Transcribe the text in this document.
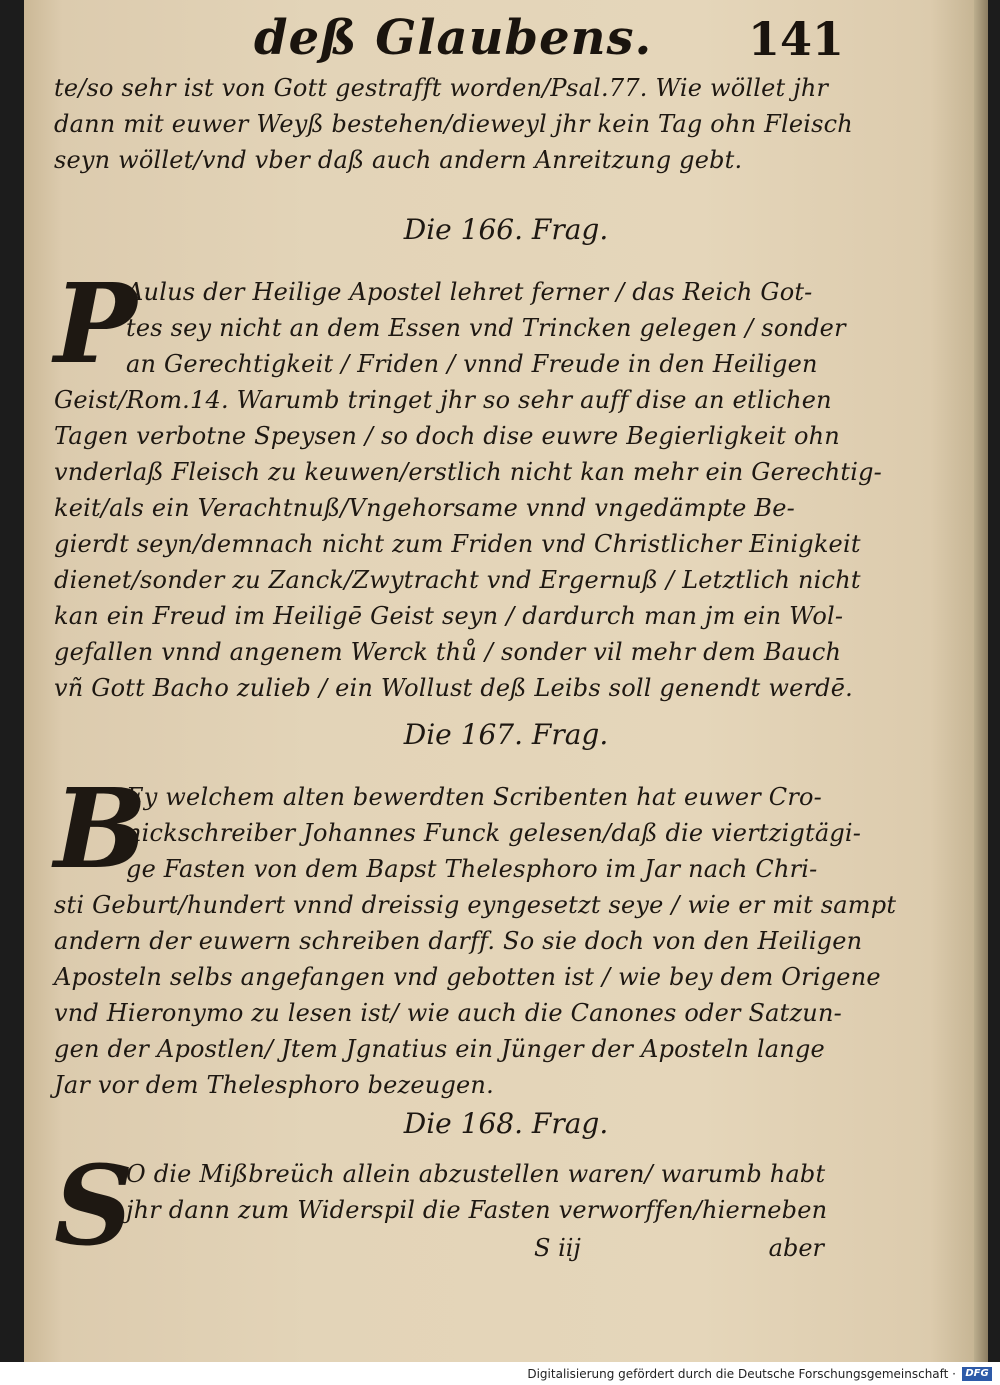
deß Glaubens. 141
te/so sehr ist von Gott gestrafft worden/Psal.77. Wie wöllet jhr
dann mit euwer Weyß bestehen/dieweyl jhr kein Tag ohn Fleisch
seyn wöllet/vnd vber daß auch andern Anreitzung gebt.
Die 166. Frag.
P
Aulus der Heilige Apostel lehret ferner / das Reich Got-
tes sey nicht an dem Essen vnd Trincken gelegen / sonder
an Gerechtigkeit / Friden / vnnd Freude in den Heiligen
Geist/Rom.14. Warumb tringet jhr so sehr auff dise an etlichen
Tagen verbotne Speysen / so doch dise euwre Begierligkeit ohn
vnderlaß Fleisch zu keuwen/erstlich nicht kan mehr ein Gerechtig-
keit/als ein Verachtnuß/Vngehorsame vnnd vngedämpte Be-
gierdt seyn/demnach nicht zum Friden vnd Christlicher Einigkeit
dienet/sonder zu Zanck/Zwytracht vnd Ergernuß / Letztlich nicht
kan ein Freud im Heiligē Geist seyn / dardurch man jm ein Wol-
gefallen vnnd angenem Werck thů / sonder vil mehr dem Bauch
vñ Gott Bacho zulieb / ein Wollust deß Leibs soll genendt werdē.
Die 167. Frag.
B
Ey welchem alten bewerdten Scribenten hat euwer Cro-
nickschreiber Johannes Funck gelesen/daß die viertzigtägi-
ge Fasten von dem Bapst Thelesphoro im Jar nach Chri-
sti Geburt/hundert vnnd dreissig eyngesetzt seye / wie er mit sampt
andern der euwern schreiben darff. So sie doch von den Heiligen
Aposteln selbs angefangen vnd gebotten ist / wie bey dem Origene
vnd Hieronymo zu lesen ist/ wie auch die Canones oder Satzun-
gen der Apostlen/ Jtem Jgnatius ein Jünger der Aposteln lange
Jar vor dem Thelesphoro bezeugen.
Die 168. Frag.
S
O die Mißbreüch allein abzustellen waren/ warumb habt
jhr dann zum Widerspil die Fasten verworffen/hierneben
S iij	aber
Digitalisierung gefördert durch die Deutsche Forschungsgemeinschaft · DFG
